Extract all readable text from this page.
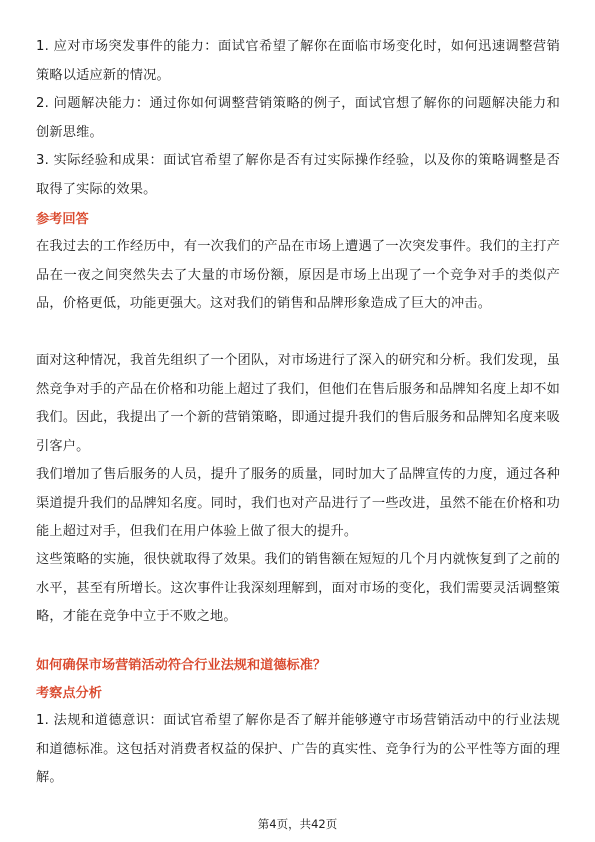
1. 应对市场突发事件的能力：面试官希望了解你在面临市场变化时，如何迅速调整营销策略以适应新的情况。

2. 问题解决能力：通过你如何调整营销策略的例子，面试官想了解你的问题解决能力和创新思维。

3. 实际经验和成果：面试官希望了解你是否有过实际操作经验，以及你的策略调整是否取得了实际的效果。

参考回答

在我过去的工作经历中，有一次我们的产品在市场上遭遇了一次突发事件。我们的主打产品在一夜之间突然失去了大量的市场份额，原因是市场上出现了一个竞争对手的类似产品，价格更低，功能更强大。这对我们的销售和品牌形象造成了巨大的冲击。

面对这种情况，我首先组织了一个团队，对市场进行了深入的研究和分析。我们发现，虽然竞争对手的产品在价格和功能上超过了我们，但他们在售后服务和品牌知名度上却不如我们。因此，我提出了一个新的营销策略，即通过提升我们的售后服务和品牌知名度来吸引客户。

我们增加了售后服务的人员，提升了服务的质量，同时加大了品牌宣传的力度，通过各种渠道提升我们的品牌知名度。同时，我们也对产品进行了一些改进，虽然不能在价格和功能上超过对手，但我们在用户体验上做了很大的提升。

这些策略的实施，很快就取得了效果。我们的销售额在短短的几个月内就恢复到了之前的水平，甚至有所增长。这次事件让我深刻理解到，面对市场的变化，我们需要灵活调整策略，才能在竞争中立于不败之地。

如何确保市场营销活动符合行业法规和道德标准？
考察点分析

1. 法规和道德意识：面试官希望了解你是否了解并能够遵守市场营销活动中的行业法规和道德标准。这包括对消费者权益的保护、广告的真实性、竞争行为的公平性等方面的理解。

第4页，共42页
